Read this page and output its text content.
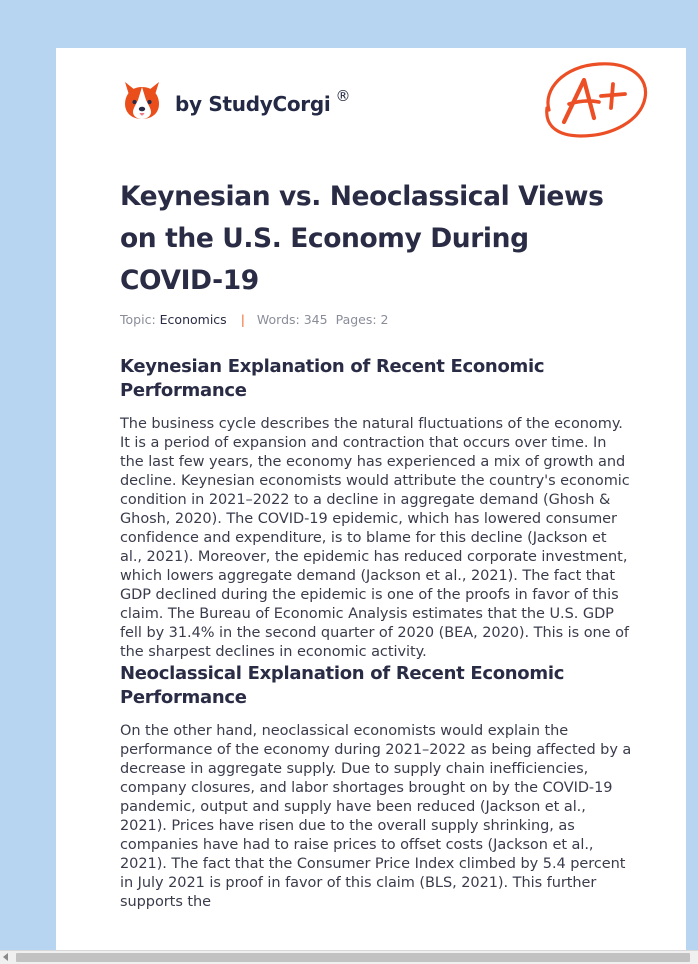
by StudyCorgi ®
Keynesian vs. Neoclassical Views on the U.S. Economy During COVID-19
Topic: Economics | Words: 345 Pages: 2
Keynesian Explanation of Recent Economic Performance

The business cycle describes the natural fluctuations of the economy. It is a period of expansion and contraction that occurs over time. In the last few years, the economy has experienced a mix of growth and decline. Keynesian economists would attribute the country's economic condition in 2021–2022 to a decline in aggregate demand (Ghosh & Ghosh, 2020). The COVID-19 epidemic, which has lowered consumer confidence and expenditure, is to blame for this decline (Jackson et al., 2021). Moreover, the epidemic has reduced corporate investment, which lowers aggregate demand (Jackson et al., 2021). The fact that GDP declined during the epidemic is one of the proofs in favor of this claim. The Bureau of Economic Analysis estimates that the U.S. GDP fell by 31.4% in the second quarter of 2020 (BEA, 2020). This is one of the sharpest declines in economic activity.

Neoclassical Explanation of Recent Economic Performance

On the other hand, neoclassical economists would explain the performance of the economy during 2021–2022 as being affected by a decrease in aggregate supply. Due to supply chain inefficiencies, company closures, and labor shortages brought on by the COVID-19 pandemic, output and supply have been reduced (Jackson et al., 2021). Prices have risen due to the overall supply shrinking, as companies have had to raise prices to offset costs (Jackson et al., 2021). The fact that the Consumer Price Index climbed by 5.4 percent in July 2021 is proof in favor of this claim (BLS, 2021). This further supports the
